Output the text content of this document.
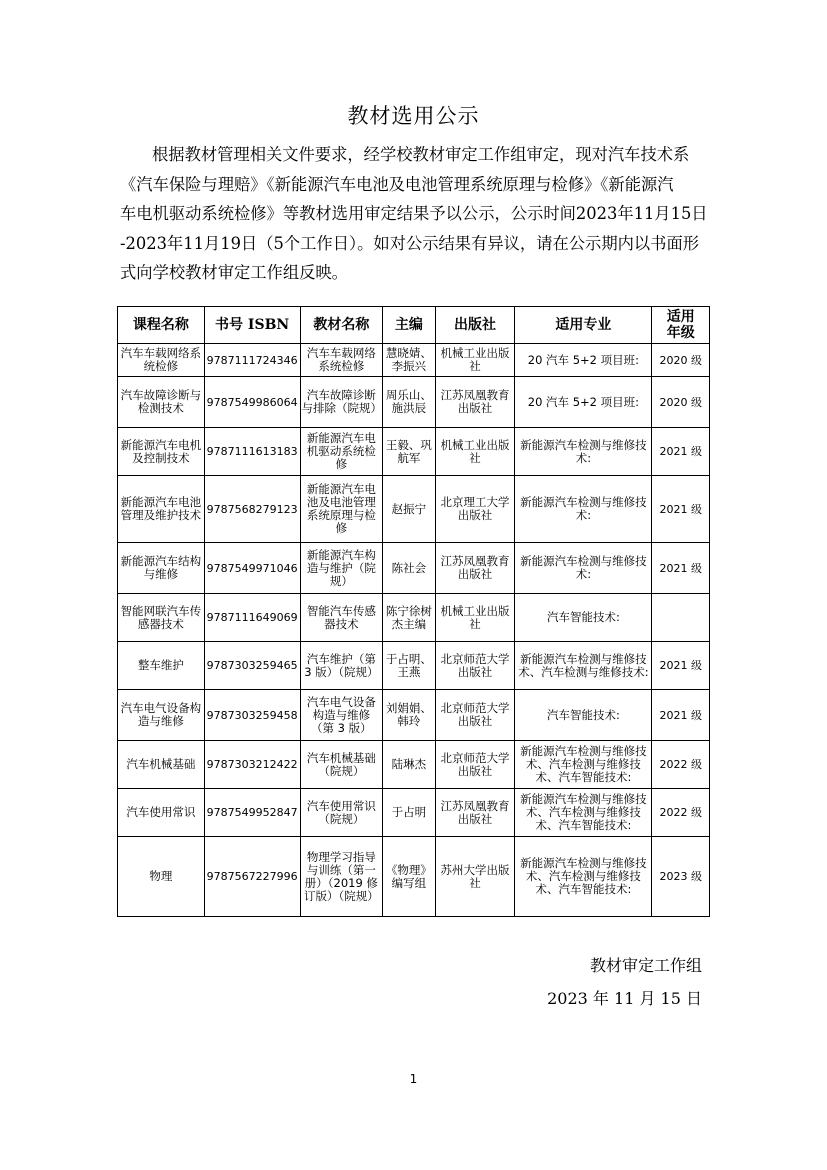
教材选用公示
根据教材管理相关文件要求，经学校教材审定工作组审定，现对汽车技术系
《汽车保险与理赔》《新能源汽车电池及电池管理系统原理与检修》《新能源汽
车电机驱动系统检修》等教材选用审定结果予以公示，公示时间2023年11月15日
-2023年11月19日（5个工作日）。如对公示结果有异议，请在公示期内以书面形
式向学校教材审定工作组反映。
课程名称	书号 ISBN	教材名称	主编	出版社	适用专业	适用
年级
汽车车载网络系统检修	9787111724346	汽车车载网络系统检修	慧晓婧、李振兴	机械工业出版社	20 汽车 5+2 项目班:	2020 级
汽车故障诊断与检测技术	9787549986064	汽车故障诊断与排除（院规）	周乐山、施洪辰	江苏凤凰教育出版社	20 汽车 5+2 项目班:	2020 级
新能源汽车电机及控制技术	9787111613183	新能源汽车电机驱动系统检修	王毅、巩航军	机械工业出版社	新能源汽车检测与维修技术:	2021 级
新能源汽车电池管理及维护技术	9787568279123	新能源汽车电池及电池管理系统原理与检修	赵振宁	北京理工大学出版社	新能源汽车检测与维修技术:	2021 级
新能源汽车结构与维修	9787549971046	新能源汽车构造与维护（院规）	陈社会	江苏凤凰教育出版社	新能源汽车检测与维修技术:	2021 级
智能网联汽车传感器技术	9787111649069	智能汽车传感器技术	陈宁徐树杰主编	机械工业出版社	汽车智能技术:	
整车维护	9787303259465	汽车维护（第 3 版）（院规）	于占明、王燕	北京师范大学出版社	新能源汽车检测与维修技术、汽车检测与维修技术:	2021 级
汽车电气设备构造与维修	9787303259458	汽车电气设备构造与维修（第 3 版）	刘娟娟、韩玲	北京师范大学出版社	汽车智能技术:	2021 级
汽车机械基础	9787303212422	汽车机械基础（院规）	陆琳杰	北京师范大学出版社	新能源汽车检测与维修技术、汽车检测与维修技术、汽车智能技术:	2022 级
汽车使用常识	9787549952847	汽车使用常识（院规）	于占明	江苏凤凰教育出版社	新能源汽车检测与维修技术、汽车检测与维修技术、汽车智能技术:	2022 级
物理	9787567227996	物理学习指导与训练（第一册）（2019 修订版）（院规）	《物理》编写组	苏州大学出版社	新能源汽车检测与维修技术、汽车检测与维修技术、汽车智能技术:	2023 级
教材审定工作组
2023 年 11 月 15 日
1
